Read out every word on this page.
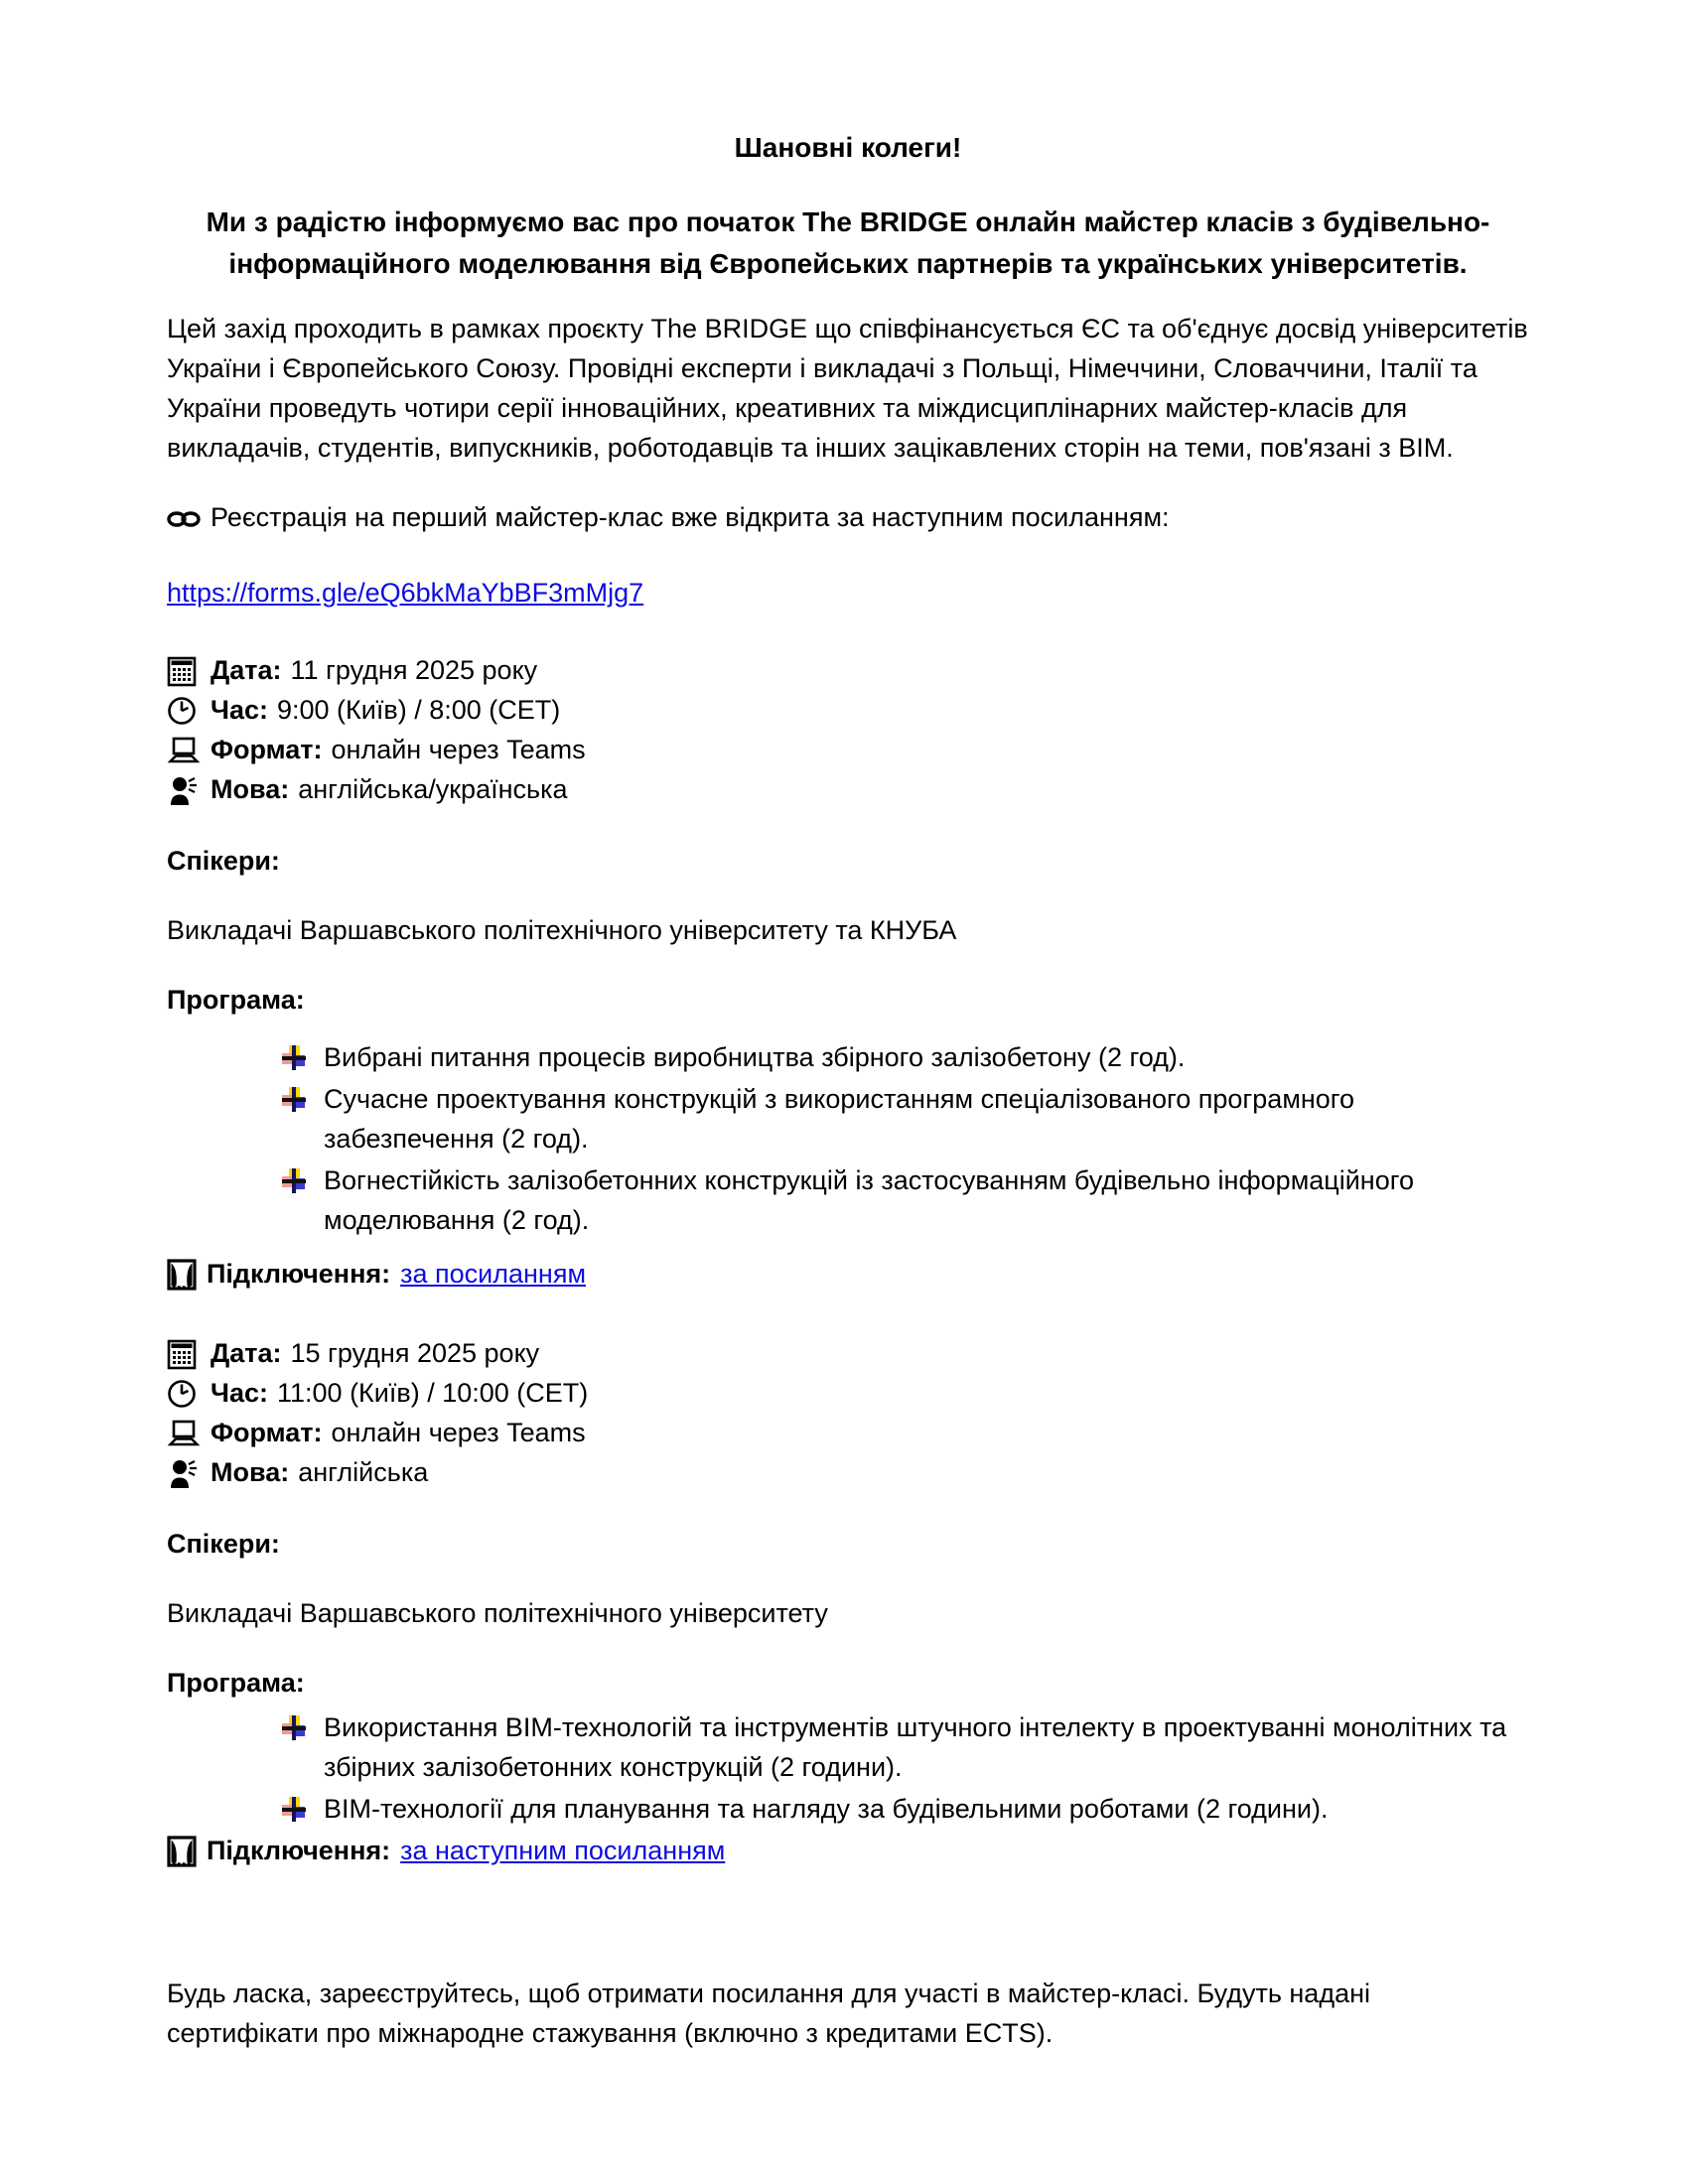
Шановні колеги!

Ми з радістю інформуємо вас про початок The BRIDGE онлайн майстер класів з будівельно-інформаційного моделювання від Європейських партнерів та українських університетів.

Цей захід проходить в рамках проєкту The BRIDGE що співфінансується ЄС та об'єднує досвід університетів України і Європейського Союзу. Провідні експерти і викладачі з Польщі, Німеччини, Словаччини, Італії та України проведуть чотири серії інноваційних, креативних та міждисциплінарних майстер-класів для викладачів, студентів, випускників, роботодавців та інших зацікавлених сторін на теми, пов'язані з BIM.

Реєстрація на перший майстер-клас вже відкрита за наступним посиланням:

https://forms.gle/eQ6bkMaYbBF3mMjg7

Дата: 11 грудня 2025 року
Час: 9:00 (Київ) / 8:00 (CET)
Формат: онлайн через Teams
Мова: англійська/українська

Спікери:

Викладачі Варшавського політехнічного університету та КНУБА

Програма:

Вибрані питання процесів виробництва збірного залізобетону (2 год).
Сучасне проектування конструкцій з використанням спеціалізованого програмного забезпечення (2 год).
Вогнестійкість залізобетонних конструкцій із застосуванням будівельно інформаційного моделювання (2 год).

Підключення: за посиланням

Дата: 15 грудня 2025 року
Час: 11:00 (Київ) / 10:00 (CET)
Формат: онлайн через Teams
Мова: англійська

Спікери:

Викладачі Варшавського політехнічного університету

Програма:

Використання BIM-технологій та інструментів штучного інтелекту в проектуванні монолітних та збірних залізобетонних конструкцій (2 години).
BIM-технології для планування та нагляду за будівельними роботами (2 години).

Підключення: за наступним посиланням

Будь ласка, зареєструйтесь, щоб отримати посилання для участі в майстер-класі. Будуть надані сертифікати про міжнародне стажування (включно з кредитами ECTS).
